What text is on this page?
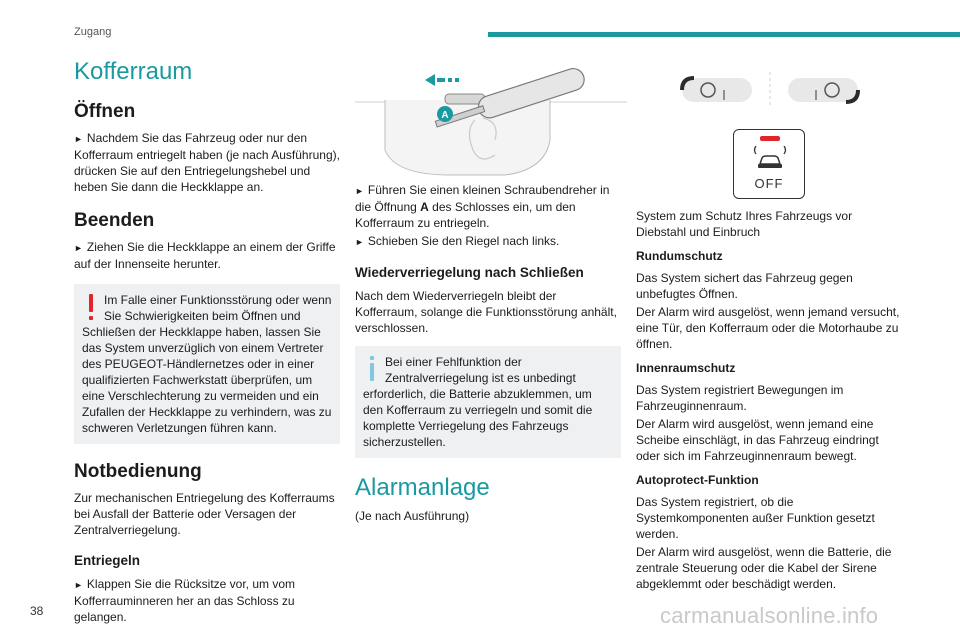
Zugang
Kofferraum
Öffnen

► Nachdem Sie das Fahrzeug oder nur den Kofferraum entriegelt haben (je nach Ausführung), drücken Sie auf den Entriegelungshebel und heben Sie dann die Heckklappe an.

Beenden

► Ziehen Sie die Heckklappe an einem der Griffe auf der Innenseite herunter.

Im Falle einer Funktionsstörung oder wenn Sie Schwierigkeiten beim Öffnen und Schließen der Heckklappe haben, lassen Sie das System unverzüglich von einem Vertreter des PEUGEOT-Händlernetzes oder in einer qualifizierten Fachwerkstatt überprüfen, um eine Verschlechterung zu vermeiden und ein Zufallen der Heckklappe zu verhindern, was zu schweren Verletzungen führen kann.
Notbedienung

Zur mechanischen Entriegelung des Kofferraums bei Ausfall der Batterie oder Versagen der Zentralverriegelung.

Entriegeln

► Klappen Sie die Rücksitze vor, um vom Kofferrauminneren her an das Schloss zu gelangen.

A

► Führen Sie einen kleinen Schraubendreher in die Öffnung A des Schlosses ein, um den Kofferraum zu entriegeln.

► Schieben Sie den Riegel nach links.

Wiederverriegelung nach Schließen

Nach dem Wiederverriegeln bleibt der Kofferraum, solange die Funktionsstörung anhält, verschlossen.

Bei einer Fehlfunktion der Zentralverriegelung ist es unbedingt erforderlich, die Batterie abzuklemmen, um den Kofferraum zu verriegeln und somit die komplette Verriegelung des Fahrzeugs sicherzustellen.
Alarmanlage

(Je nach Ausführung)

OFF

System zum Schutz Ihres Fahrzeugs vor Diebstahl und Einbruch

Rundumschutz

Das System sichert das Fahrzeug gegen unbefugtes Öffnen.

Der Alarm wird ausgelöst, wenn jemand versucht, eine Tür, den Kofferraum oder die Motorhaube zu öffnen.

Innenraumschutz

Das System registriert Bewegungen im Fahrzeuginnenraum.

Der Alarm wird ausgelöst, wenn jemand eine Scheibe einschlägt, in das Fahrzeug eindringt oder sich im Fahrzeuginnenraum bewegt.

Autoprotect-Funktion

Das System registriert, ob die Systemkomponenten außer Funktion gesetzt werden.

Der Alarm wird ausgelöst, wenn die Batterie, die zentrale Steuerung oder die Kabel der Sirene abgeklemmt oder beschädigt werden.

38	carmanualsonline.info
